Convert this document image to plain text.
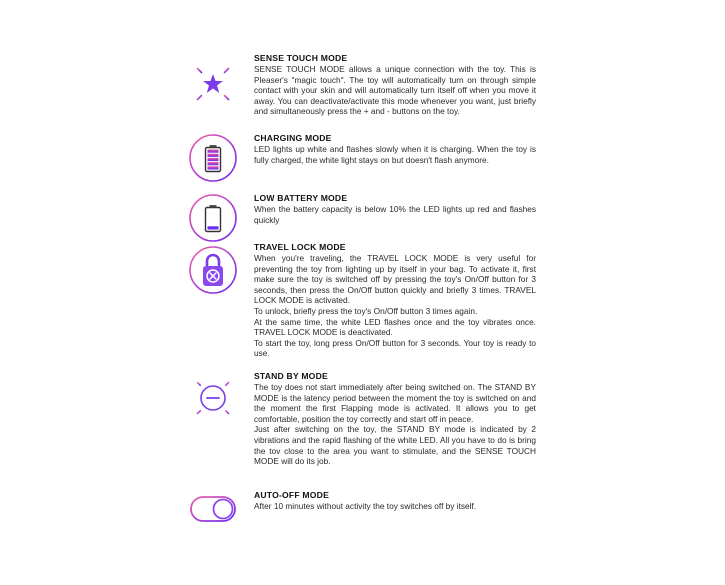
SENSE TOUCH MODE
SENSE TOUCH MODE allows a unique connection with the toy. This is Pleaser's "magic touch". The toy will automatically turn on through simple contact with your skin and will automatically turn itself off when you move it away. You can deactivate/activate this mode whenever you want, just briefly and simultaneously press the + and - buttons on the toy.
CHARGING MODE
LED lights up white and flashes slowly when it is charging. When the toy is fully charged, the white light stays on but doesn't flash anymore.
LOW BATTERY MODE
When the battery capacity is below 10% the LED lights up red and flashes quickly
TRAVEL LOCK MODE
When you're traveling, the TRAVEL LOCK MODE is very useful for preventing the toy from lighting up by itself in your bag. To activate it, first make sure the toy is switched off by pressing the toy's On/Off button for 3 seconds, then press the On/Off button quickly and briefly 3 times. TRAVEL LOCK MODE is activated.
To unlock, briefly press the toy's On/Off button 3 times again.
At the same time, the white LED flashes once and the toy vibrates once. TRAVEL LOCK MODE is deactivated.
To start the toy, long press On/Off button for 3 seconds. Your toy is ready to use.
STAND BY MODE
The toy does not start immediately after being switched on. The STAND BY MODE is the latency period between the moment the toy is switched on and the moment the first Flapping mode is activated. It allows you to get comfortable, position the toy correctly and start off in peace.
Just after switching on the toy, the STAND BY mode is indicated by 2 vibrations and the rapid flashing of the white LED. All you have to do is bring the tov close to the area you want to stimulate, and the SENSE TOUCH MODE will do its job.
AUTO-OFF MODE
After 10 minutes without activity the toy switches off by itself.
